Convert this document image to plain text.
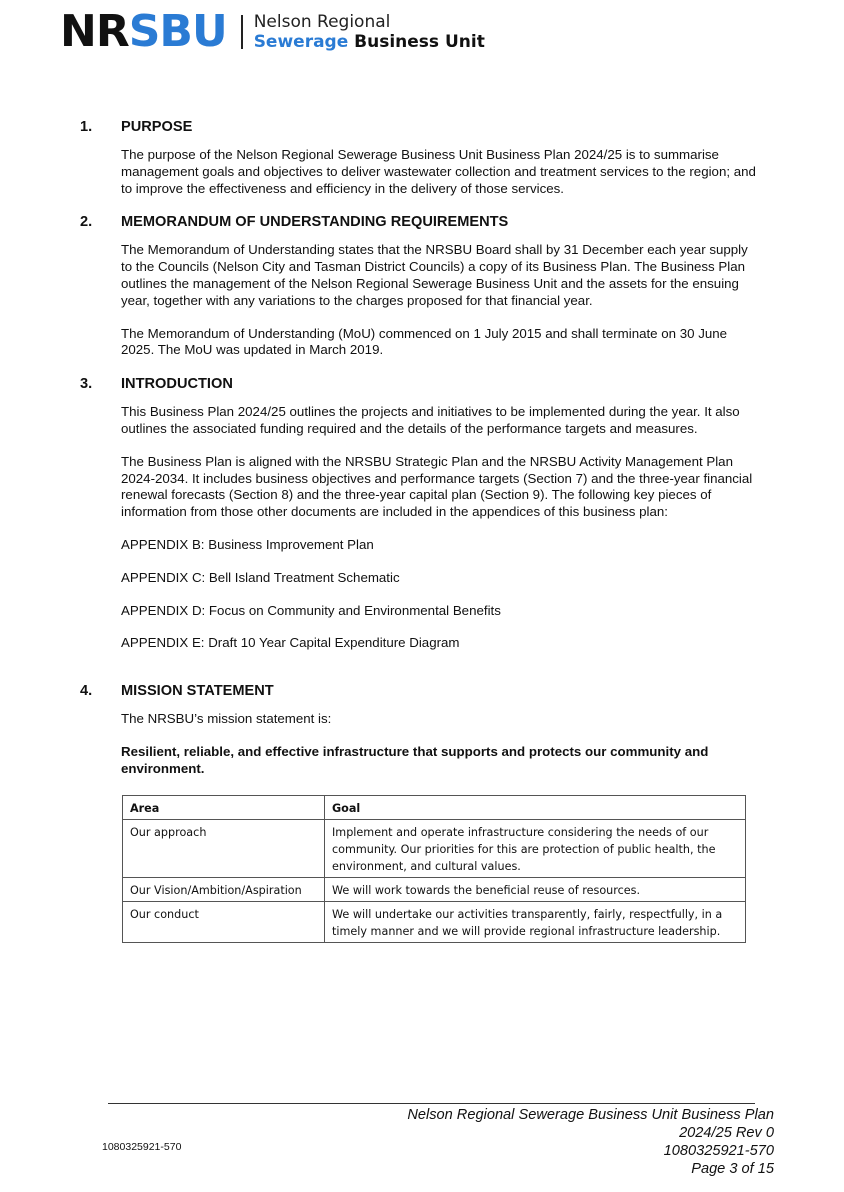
NRSBU Nelson Regional
Sewerage Business Unit
1.	PURPOSE

The purpose of the Nelson Regional Sewerage Business Unit Business Plan 2024/25 is to summarise management goals and objectives to deliver wastewater collection and treatment services to the region; and to improve the effectiveness and efficiency in the delivery of those services.

2.	MEMORANDUM OF UNDERSTANDING REQUIREMENTS

The Memorandum of Understanding states that the NRSBU Board shall by 31 December each year supply to the Councils (Nelson City and Tasman District Councils) a copy of its Business Plan. The Business Plan outlines the management of the Nelson Regional Sewerage Business Unit and the assets for the ensuing year, together with any variations to the charges proposed for that financial year.

The Memorandum of Understanding (MoU) commenced on 1 July 2015 and shall terminate on 30 June 2025. The MoU was updated in March 2019.

3.	INTRODUCTION

This Business Plan 2024/25 outlines the projects and initiatives to be implemented during the year. It also outlines the associated funding required and the details of the performance targets and measures.

The Business Plan is aligned with the NRSBU Strategic Plan and the NRSBU Activity Management Plan 2024-2034. It includes business objectives and performance targets (Section 7) and the three-year financial renewal forecasts (Section 8) and the three-year capital plan (Section 9). The following key pieces of information from those other documents are included in the appendices of this business plan:

APPENDIX B: Business Improvement Plan

APPENDIX C: Bell Island Treatment Schematic

APPENDIX D: Focus on Community and Environmental Benefits

APPENDIX E: Draft 10 Year Capital Expenditure Diagram

4.	MISSION STATEMENT

The NRSBU’s mission statement is:

Resilient, reliable, and effective infrastructure that supports and protects our community and environment.

Area	Goal
Our approach	Implement and operate infrastructure considering the needs of our community. Our priorities for this are protection of public health, the environment, and cultural values.
Our Vision/Ambition/Aspiration	We will work towards the beneficial reuse of resources.
Our conduct	We will undertake our activities transparently, fairly, respectfully, in a timely manner and we will provide regional infrastructure leadership.
1080325921-570
Nelson Regional Sewerage Business Unit Business Plan
2024/25 Rev 0
1080325921-570
Page 3 of 15
